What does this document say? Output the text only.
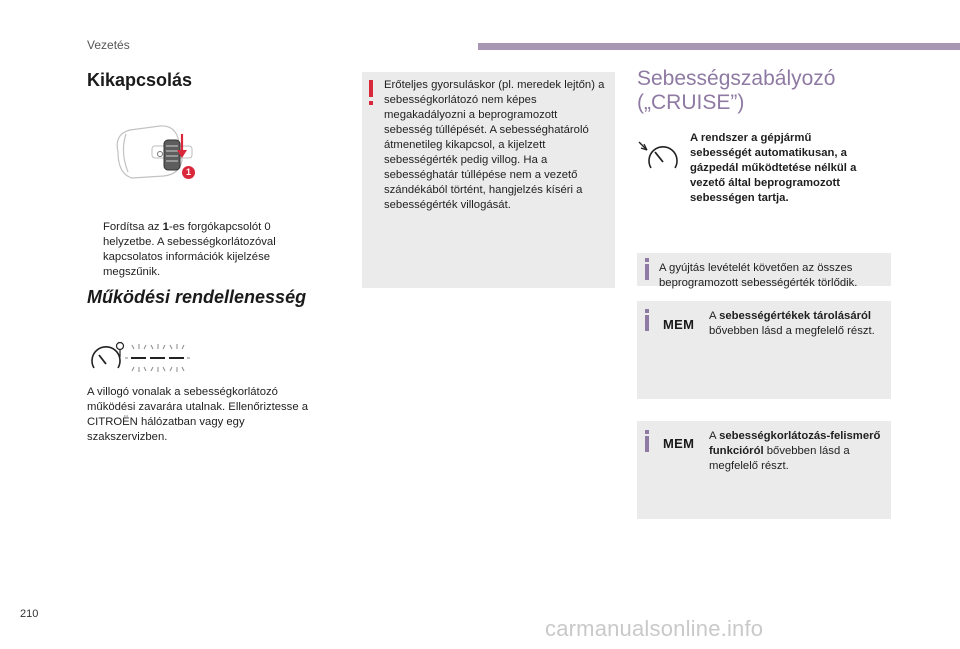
Vezetés
Kikapcsolás
1
Fordítsa az 1-es forgókapcsolót 0 helyzetbe. A sebességkorlátozóval kapcsolatos információk kijelzése megszűnik.
Működési rendellenesség
A villogó vonalak a sebességkorlátozó működési zavarára utalnak. Ellenőriztesse a CITROËN hálózatban vagy egy szakszervizben.
Erőteljes gyorsuláskor (pl. meredek lejtőn) a sebességkorlátozó nem képes megakadályozni a beprogramozott sebesség túllépését. A sebességhatároló átmenetileg kikapcsol, a kijelzett sebességérték pedig villog. Ha a sebességhatár túllépése nem a vezető szándékából történt, hangjelzés kíséri a sebességérték villogását.
Sebességszabályozó („CRUISE”)
A rendszer a gépjármű sebességét automatikusan, a gázpedál működtetése nélkül a vezető által beprogramozott sebességen tartja.
A gyújtás levételét követően az összes beprogramozott sebességérték törlődik.
MEM
A sebességértékek tárolásáról bővebben lásd a megfelelő részt.
MEM A sebességkorlátozás-felismerő funkcióról bővebben lásd a megfelelő részt.
210
carmanualsonline.info
